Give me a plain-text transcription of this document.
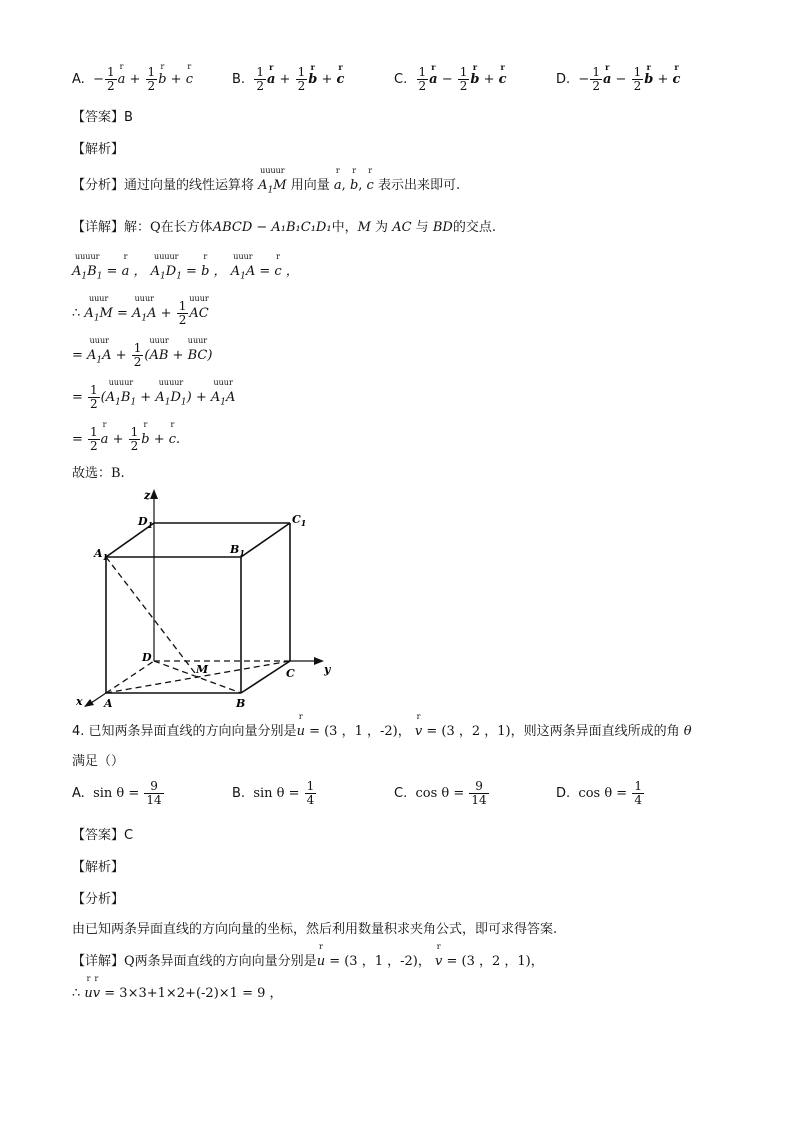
A.  − $\frac{1}{2}$ a
r
+ $\frac{1}{2}$ b
r
+ c
r
B. $\frac{1}{2}$ a
r
+ $\frac{1}{2}$ b
r
+ c
r
C. $\frac{1}{2}$ a
r
− $\frac{1}{2}$ b
r
+ c
r
D.  − $\frac{1}{2}$ a
r
− $\frac{1}{2}$ b
r
+ c
r
【答案】B
【解析】
【分析】通过向量的线性运算将 $A_1M$
uuuur
用向量 a
r
, b
r
, c
r
表示出来即可.
【详解】解：Q在长方体ABCD − A₁B₁C₁D₁中，M 为 AC 与 BD的交点.
$A_1B_1$
uuuur
= a
r
， $A_1D_1$
uuuur
= b
r
， $A_1A$
uuur
= c
r
，
∴ $A_1M$
uuur
= $A_1A$
uuur
+ $\frac{1}{2}$ AC
uuur
= $A_1A$
uuur
+ $\frac{1}{2} (AB$
uuur
+ BC
uuur
)
= $\frac{1}{2} (A_1B_1$
uuuur
+ $A_1D_1$
uuuur
) + $A_1A$
uuur
= $\frac{1}{2}$ a
r
+ $\frac{1}{2}$ b
r
+ c
r
.
故选：B.
z
y
x
$D_1$	$C_1$
$A_1$
$B_1$
D
M	C
A	B
4. 已知两条异面直线的方向向量分别是u
r
= (3 ，1 ，-2)， v
r
= (3 ，2 ，1)，则这两条异面直线所成的角 θ
满足（）
A. $\sin \theta = \frac{9}{14}$	B. $\sin \theta = \frac{1}{4}$	C. $\cos \theta = \frac{9}{14}$	D. $\cos \theta = \frac{1}{4}$
【答案】C
【解析】
【分析】
由已知两条异面直线的方向向量的坐标，然后利用数量积求夹角公式，即可求得答案.
【详解】Q两条异面直线的方向向量分别是u
r
= (3 ，1 ，-2)， v
r
= (3 ，2 ，1)，
∴ u
r
v
r
= 3×3+1×2+(-2)×1 = 9 ，
